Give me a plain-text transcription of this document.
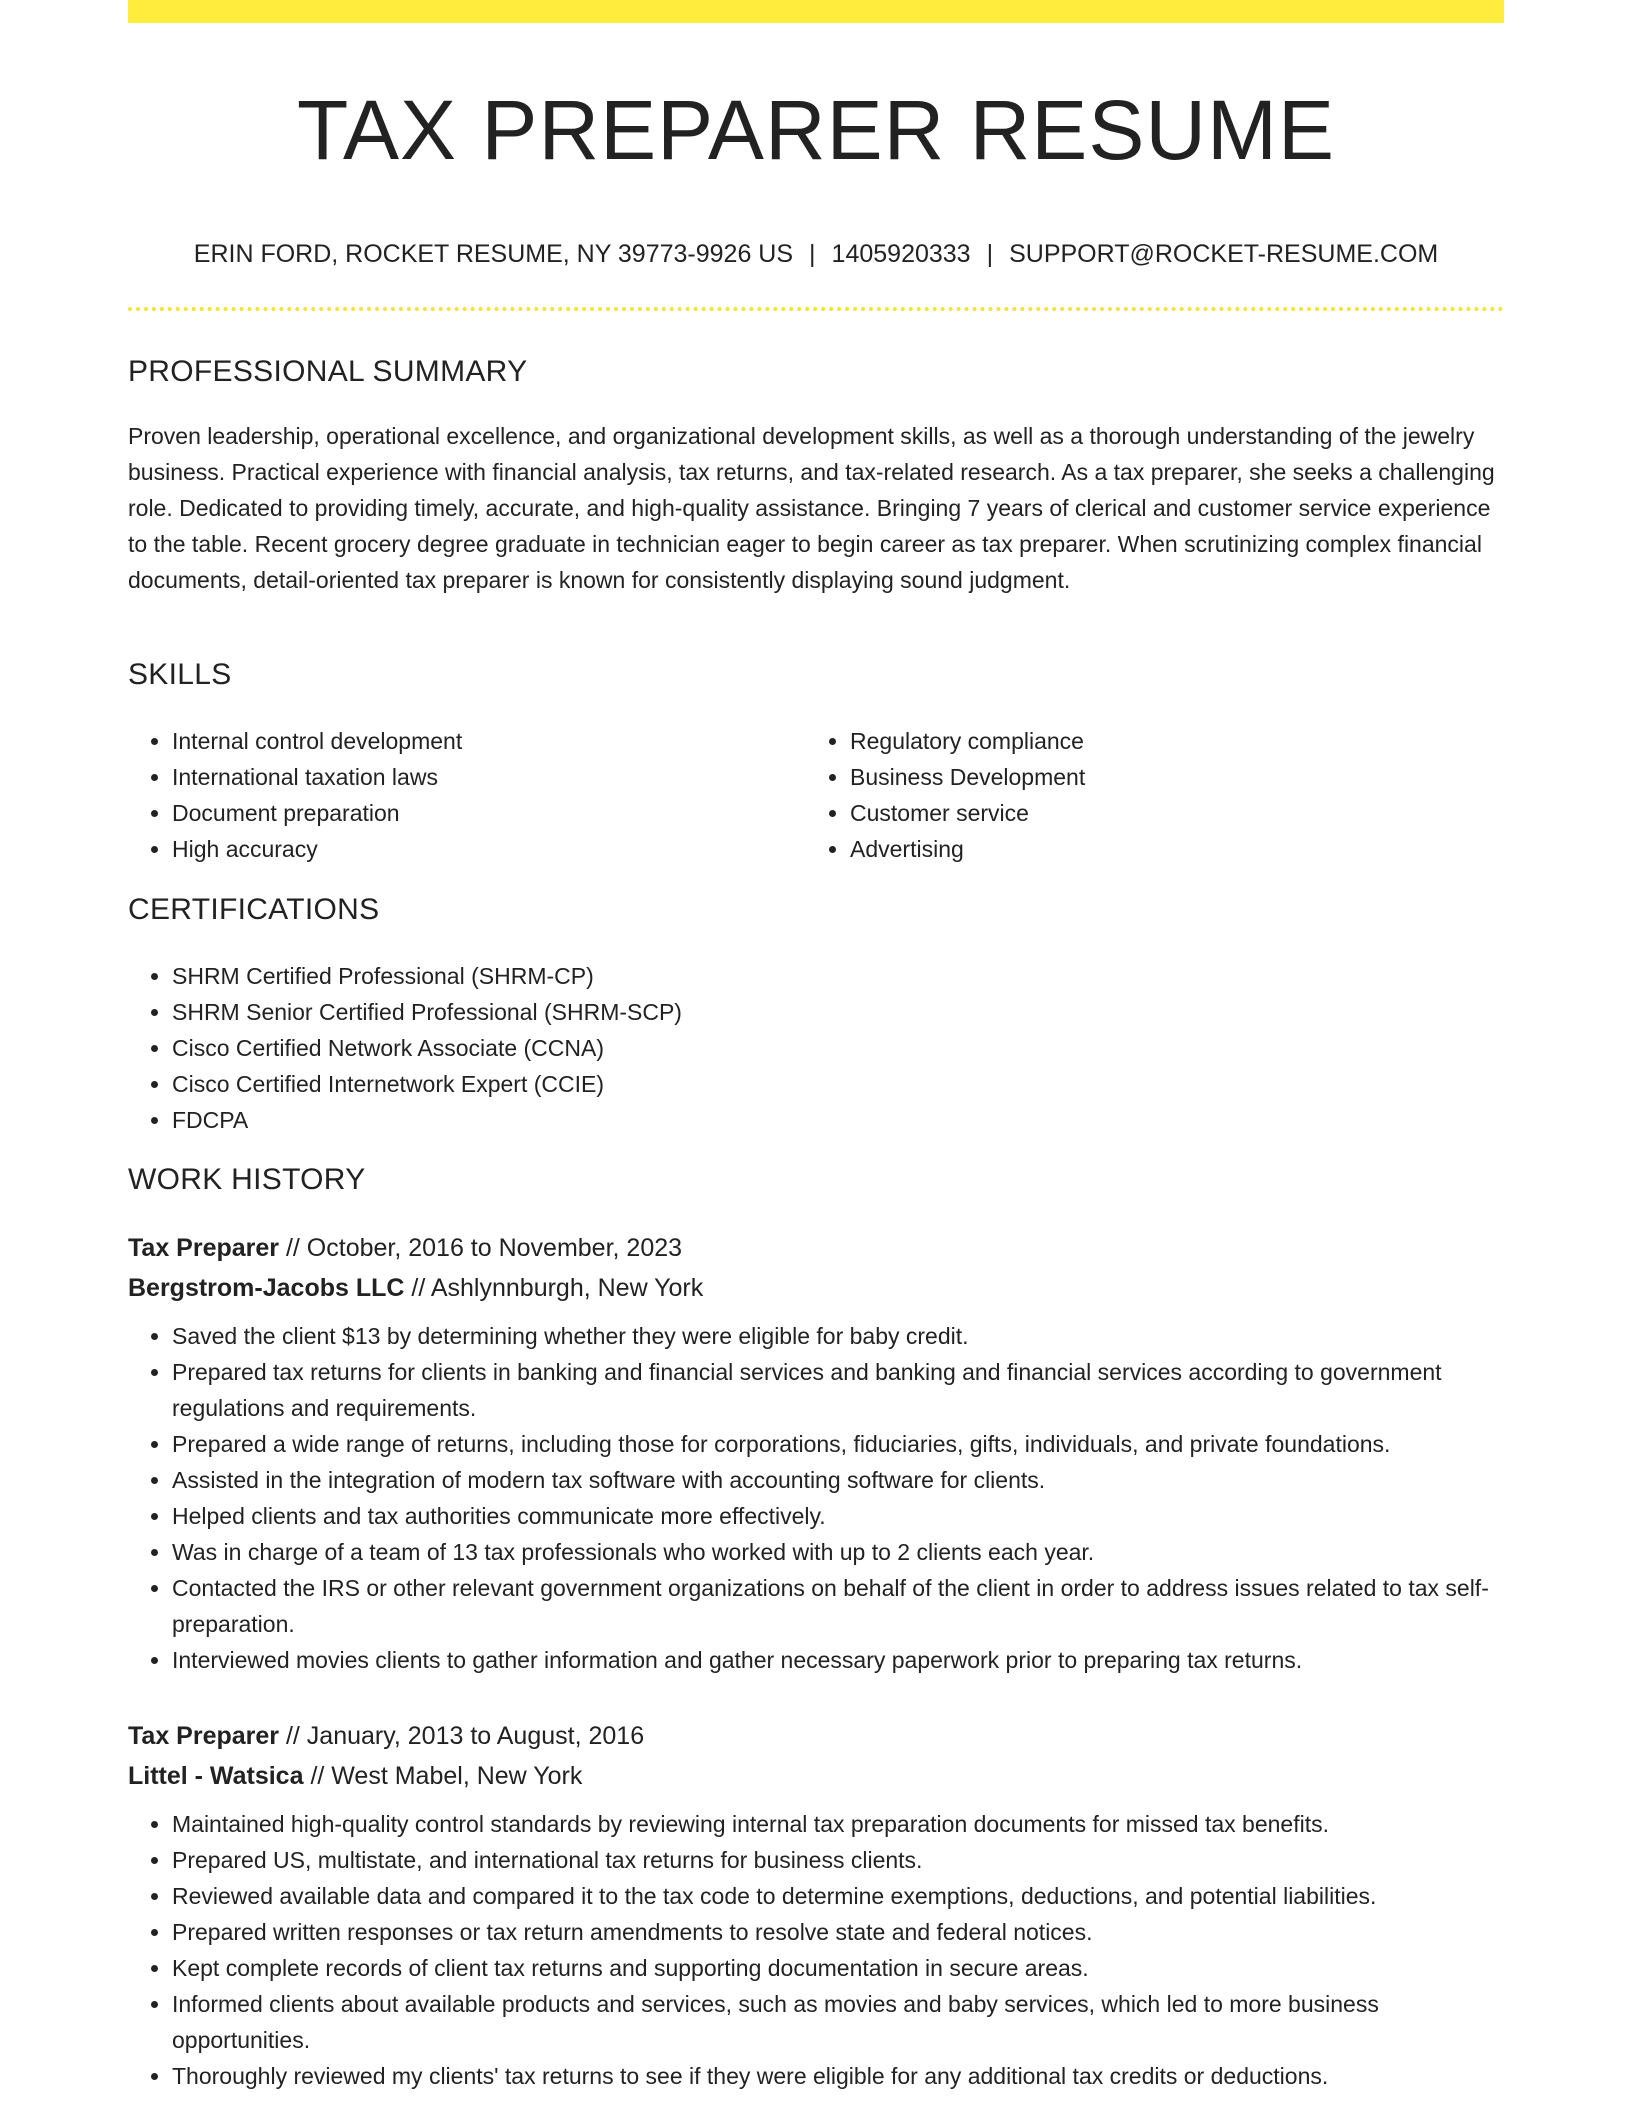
TAX PREPARER RESUME
ERIN FORD, ROCKET RESUME, NY 39773-9926 US | 1405920333 | SUPPORT@ROCKET-RESUME.COM
PROFESSIONAL SUMMARY

Proven leadership, operational excellence, and organizational development skills, as well as a thorough understanding of the jewelry business. Practical experience with financial analysis, tax returns, and tax-related research. As a tax preparer, she seeks a challenging role. Dedicated to providing timely, accurate, and high-quality assistance. Bringing 7 years of clerical and customer service experience to the table. Recent grocery degree graduate in technician eager to begin career as tax preparer. When scrutinizing complex financial documents, detail-oriented tax preparer is known for consistently displaying sound judgment.

SKILLS
• Internal control development
• International taxation laws
• Document preparation
• High accuracy
• Regulatory compliance
• Business Development
• Customer service
• Advertising
CERTIFICATIONS
• SHRM Certified Professional (SHRM-CP)
• SHRM Senior Certified Professional (SHRM-SCP)
• Cisco Certified Network Associate (CCNA)
• Cisco Certified Internetwork Expert (CCIE)
• FDCPA
WORK HISTORY
Tax Preparer // October, 2016 to November, 2023
Bergstrom-Jacobs LLC // Ashlynnburgh, New York
• Saved the client $13 by determining whether they were eligible for baby credit.
• Prepared tax returns for clients in banking and financial services and banking and financial services according to government regulations and requirements.
• Prepared a wide range of returns, including those for corporations, fiduciaries, gifts, individuals, and private foundations.
• Assisted in the integration of modern tax software with accounting software for clients.
• Helped clients and tax authorities communicate more effectively.
• Was in charge of a team of 13 tax professionals who worked with up to 2 clients each year.
• Contacted the IRS or other relevant government organizations on behalf of the client in order to address issues related to tax self-preparation.
• Interviewed movies clients to gather information and gather necessary paperwork prior to preparing tax returns.
Tax Preparer // January, 2013 to August, 2016
Littel - Watsica // West Mabel, New York
• Maintained high-quality control standards by reviewing internal tax preparation documents for missed tax benefits.
• Prepared US, multistate, and international tax returns for business clients.
• Reviewed available data and compared it to the tax code to determine exemptions, deductions, and potential liabilities.
• Prepared written responses or tax return amendments to resolve state and federal notices.
• Kept complete records of client tax returns and supporting documentation in secure areas.
• Informed clients about available products and services, such as movies and baby services, which led to more business opportunities.
• Thoroughly reviewed my clients' tax returns to see if they were eligible for any additional tax credits or deductions.
